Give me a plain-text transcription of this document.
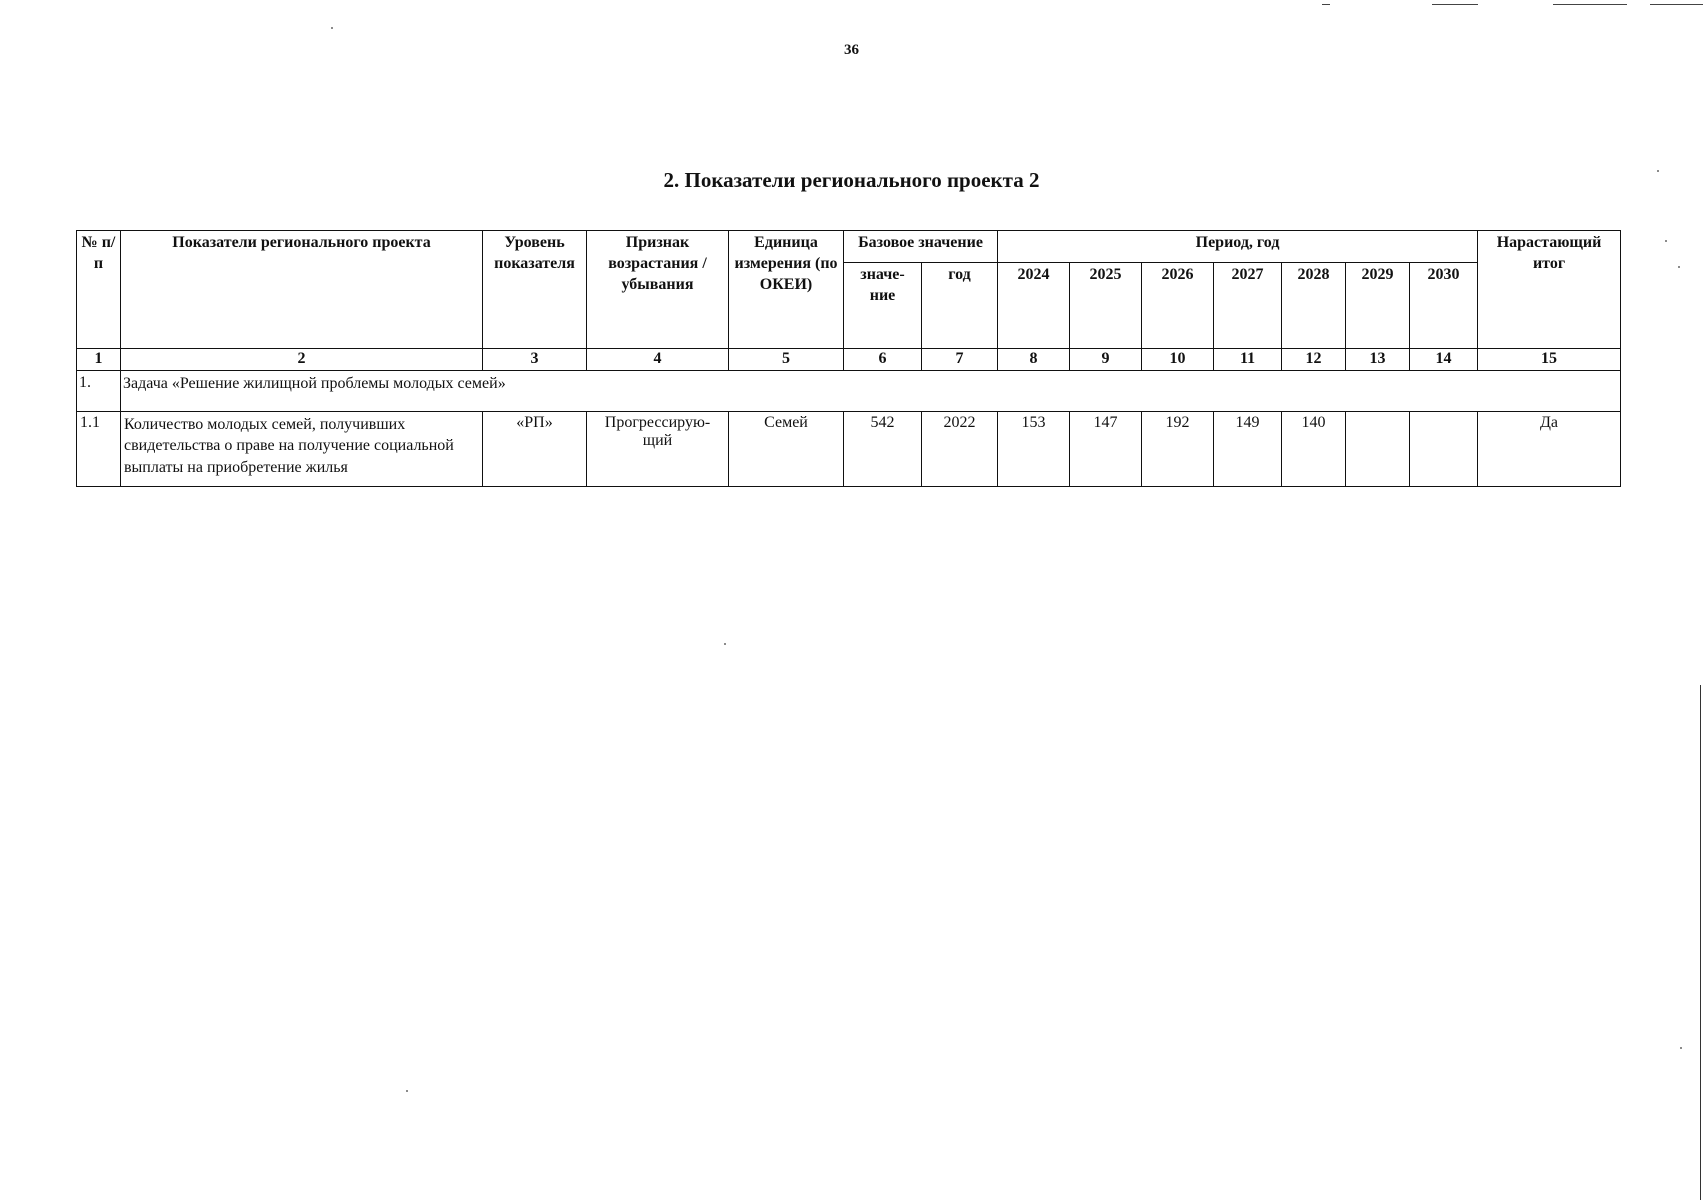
36
2. Показатели регионального проекта 2
№ п/п	Показатели регионального проекта	Уровень показателя	Признак возрастания / убывания	Единица измерения (по ОКЕИ)	Базовое значение		Период, год							Нарастающий итог
					значе- ние	год	2024	2025	2026	2027	2028	2029	2030	
1	2	3	4	5	6	7	8	9	10	11	12	13	14	15
1.	Задача «Решение жилищной проблемы молодых семей»													
1.1	Количество молодых семей, получивших свидетельства о праве на получение социальной выплаты на приобретение жилья	«РП»	Прогрессирую- щий	Семей	542	2022	153	147	192	149	140			Да
